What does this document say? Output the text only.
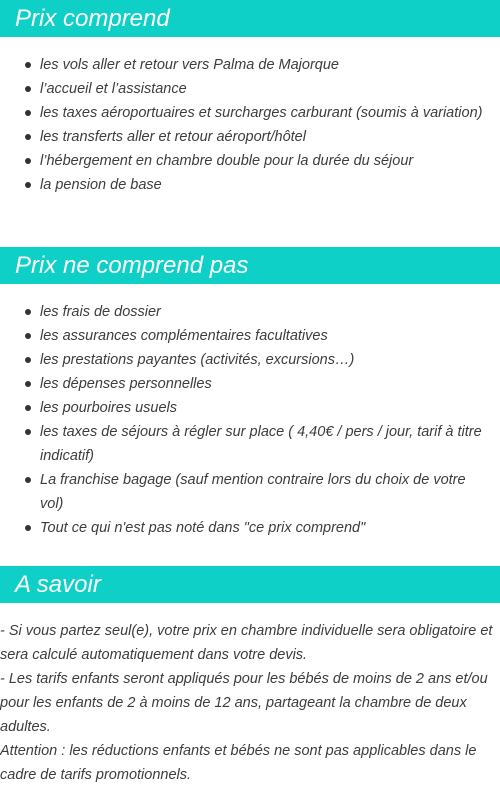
Prix comprend
les vols aller et retour vers Palma de Majorque
l’accueil et l’assistance
les taxes aéroportuaires et surcharges carburant (soumis à variation)
les transferts aller et retour aéroport/hôtel
l’hébergement en chambre double pour la durée du séjour
la pension de base
Prix ne comprend pas
les frais de dossier
les assurances complémentaires facultatives
les prestations payantes (activités, excursions…)
les dépenses personnelles
les pourboires usuels
les taxes de séjours à régler sur place ( 4,40€ / pers / jour, tarif à titre indicatif)
La franchise bagage (sauf mention contraire lors du choix de votre vol)
Tout ce qui n'est pas noté dans "ce prix comprend"
A savoir

- Si vous partez seul(e), votre prix en chambre individuelle sera obligatoire et sera calculé automatiquement dans votre devis.

- Les tarifs enfants seront appliqués pour les bébés de moins de 2 ans et/ou pour les enfants de 2 à moins de 12 ans, partageant la chambre de deux adultes.

Attention : les réductions enfants et bébés ne sont pas applicables dans le cadre de tarifs promotionnels.
